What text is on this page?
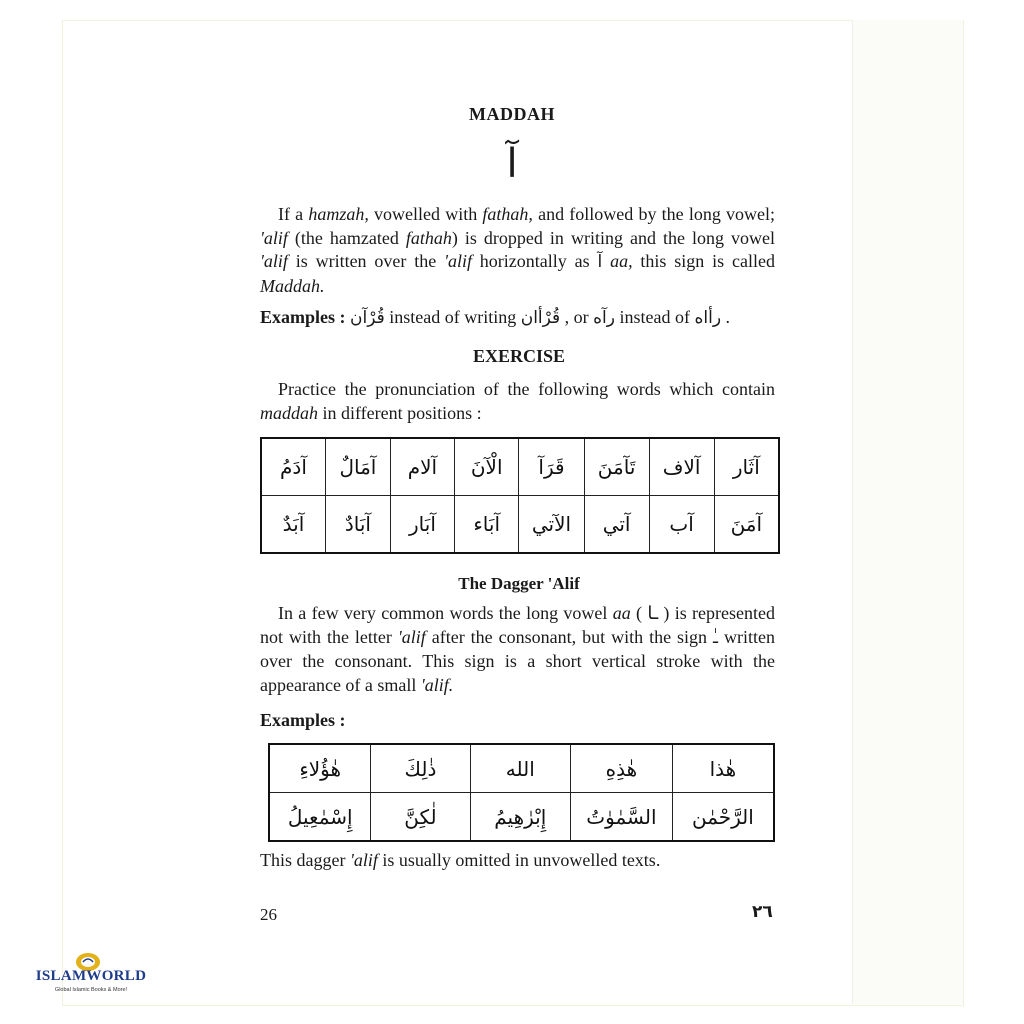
MADDAH
آ
If a hamzah, vowelled with fathah, and followed by the long vowel; 'alif (the hamzated fathah) is dropped in writing and the long vowel 'alif is written over the 'alif horizontally as آ aa, this sign is called Maddah.
Examples : قُرْآن instead of writing قُرْأان , or رآه instead of رأاه .
EXERCISE
Practice the pronunciation of the following words which contain maddah in different positions :
آثَار	آلاف	تَآمَنَ	قَرَآ	الْآنَ	آلام	آمَالٌ	آدَمُ
آمَنَ	آب	آتي	الآتي	آبَاء	آبَار	آبَادٌ	آبَدٌ
The Dagger 'Alif
In a few very common words the long vowel aa ( ـا ) is represented not with the letter 'alif after the consonant, but with the sign ـٰ written over the consonant. This sign is a short vertical stroke with the appearance of a small 'alif.
Examples :
هٰذا	هٰذِهِ	الله	ذٰلِكَ	هٰؤُلاءِ
الرَّحْمٰن	السَّمٰوٰتُ	إِبْرٰهِيمُ	لٰكِنَّ	إِسْمٰعِيلُ
This dagger 'alif is usually omitted in unvowelled texts.
26	٢٦
ISLAMWORLD
Global Islamic Books & More!
